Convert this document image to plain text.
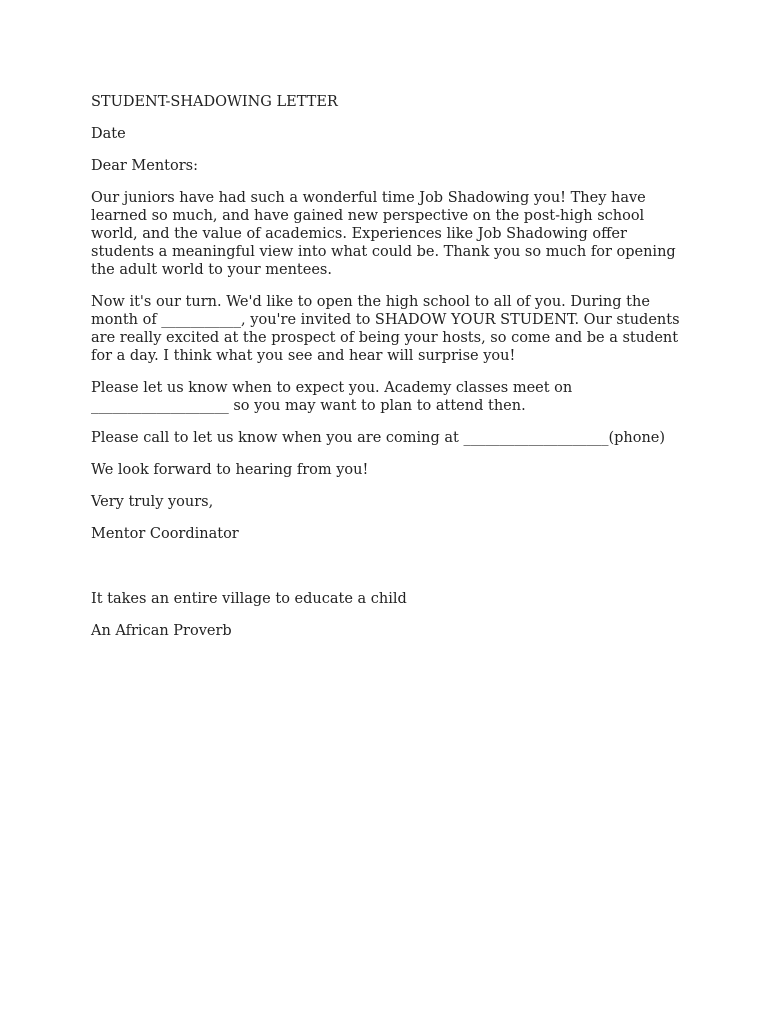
STUDENT-SHADOWING LETTER

Date

Dear Mentors:

Our juniors have had such a wonderful time Job Shadowing you! They have learned so much, and have gained new perspective on the post-high school world, and the value of academics. Experiences like Job Shadowing offer students a meaningful view into what could be. Thank you so much for opening the adult world to your mentees.

Now it's our turn. We'd like to open the high school to all of you. During the month of ___________, you're invited to SHADOW YOUR STUDENT. Our students are really excited at the prospect of being your hosts, so come and be a student for a day. I think what you see and hear will surprise you!

Please let us know when to expect you. Academy classes meet on ___________________ so you may want to plan to attend then.

Please call to let us know when you are coming at ____________________(phone)

We look forward to hearing from you!

Very truly yours,

Mentor Coordinator

It takes an entire village to educate a child

An African Proverb
